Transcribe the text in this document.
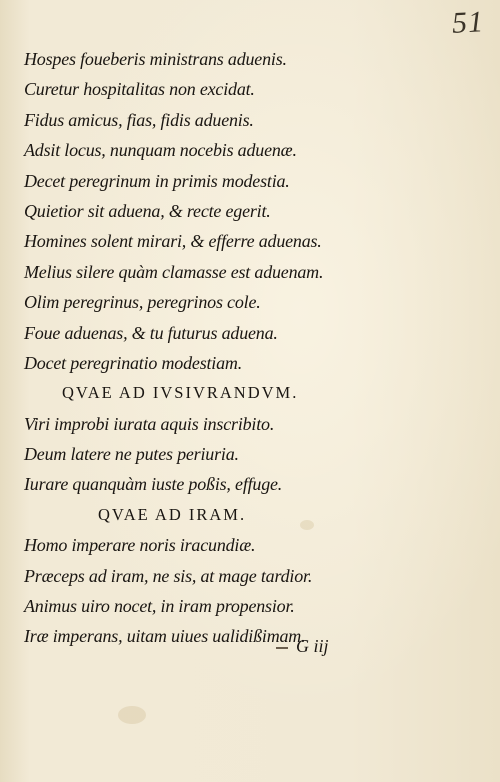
51
Hospes foueberis ministrans aduenis.
Curetur hospitalitas non excidat.
Fidus amicus, fias, fidis aduenis.
Adsit locus, nunquam nocebis aduenæ.
Decet peregrinum in primis modestia.
Quietior sit aduena, & recte egerit.
Homines solent mirari, & efferre aduenas.
Melius silere quàm clamasse est aduenam.
Olim peregrinus, peregrinos cole.
Foue aduenas, & tu futurus aduena.
Docet peregrinatio modestiam.
QVAE AD IVSIVRANDVM.
Viri improbi iurata aquis inscribito.
Deum latere ne putes periuria.
Iurare quanquàm iuste poßis, effuge.
QVAE AD IRAM.
Homo imperare noris iracundiæ.
Præceps ad iram, ne sis, at mage tardior.
Animus uiro nocet, in iram propensior.
Iræ imperans, uitam uiues ualidißimam.
G iij
